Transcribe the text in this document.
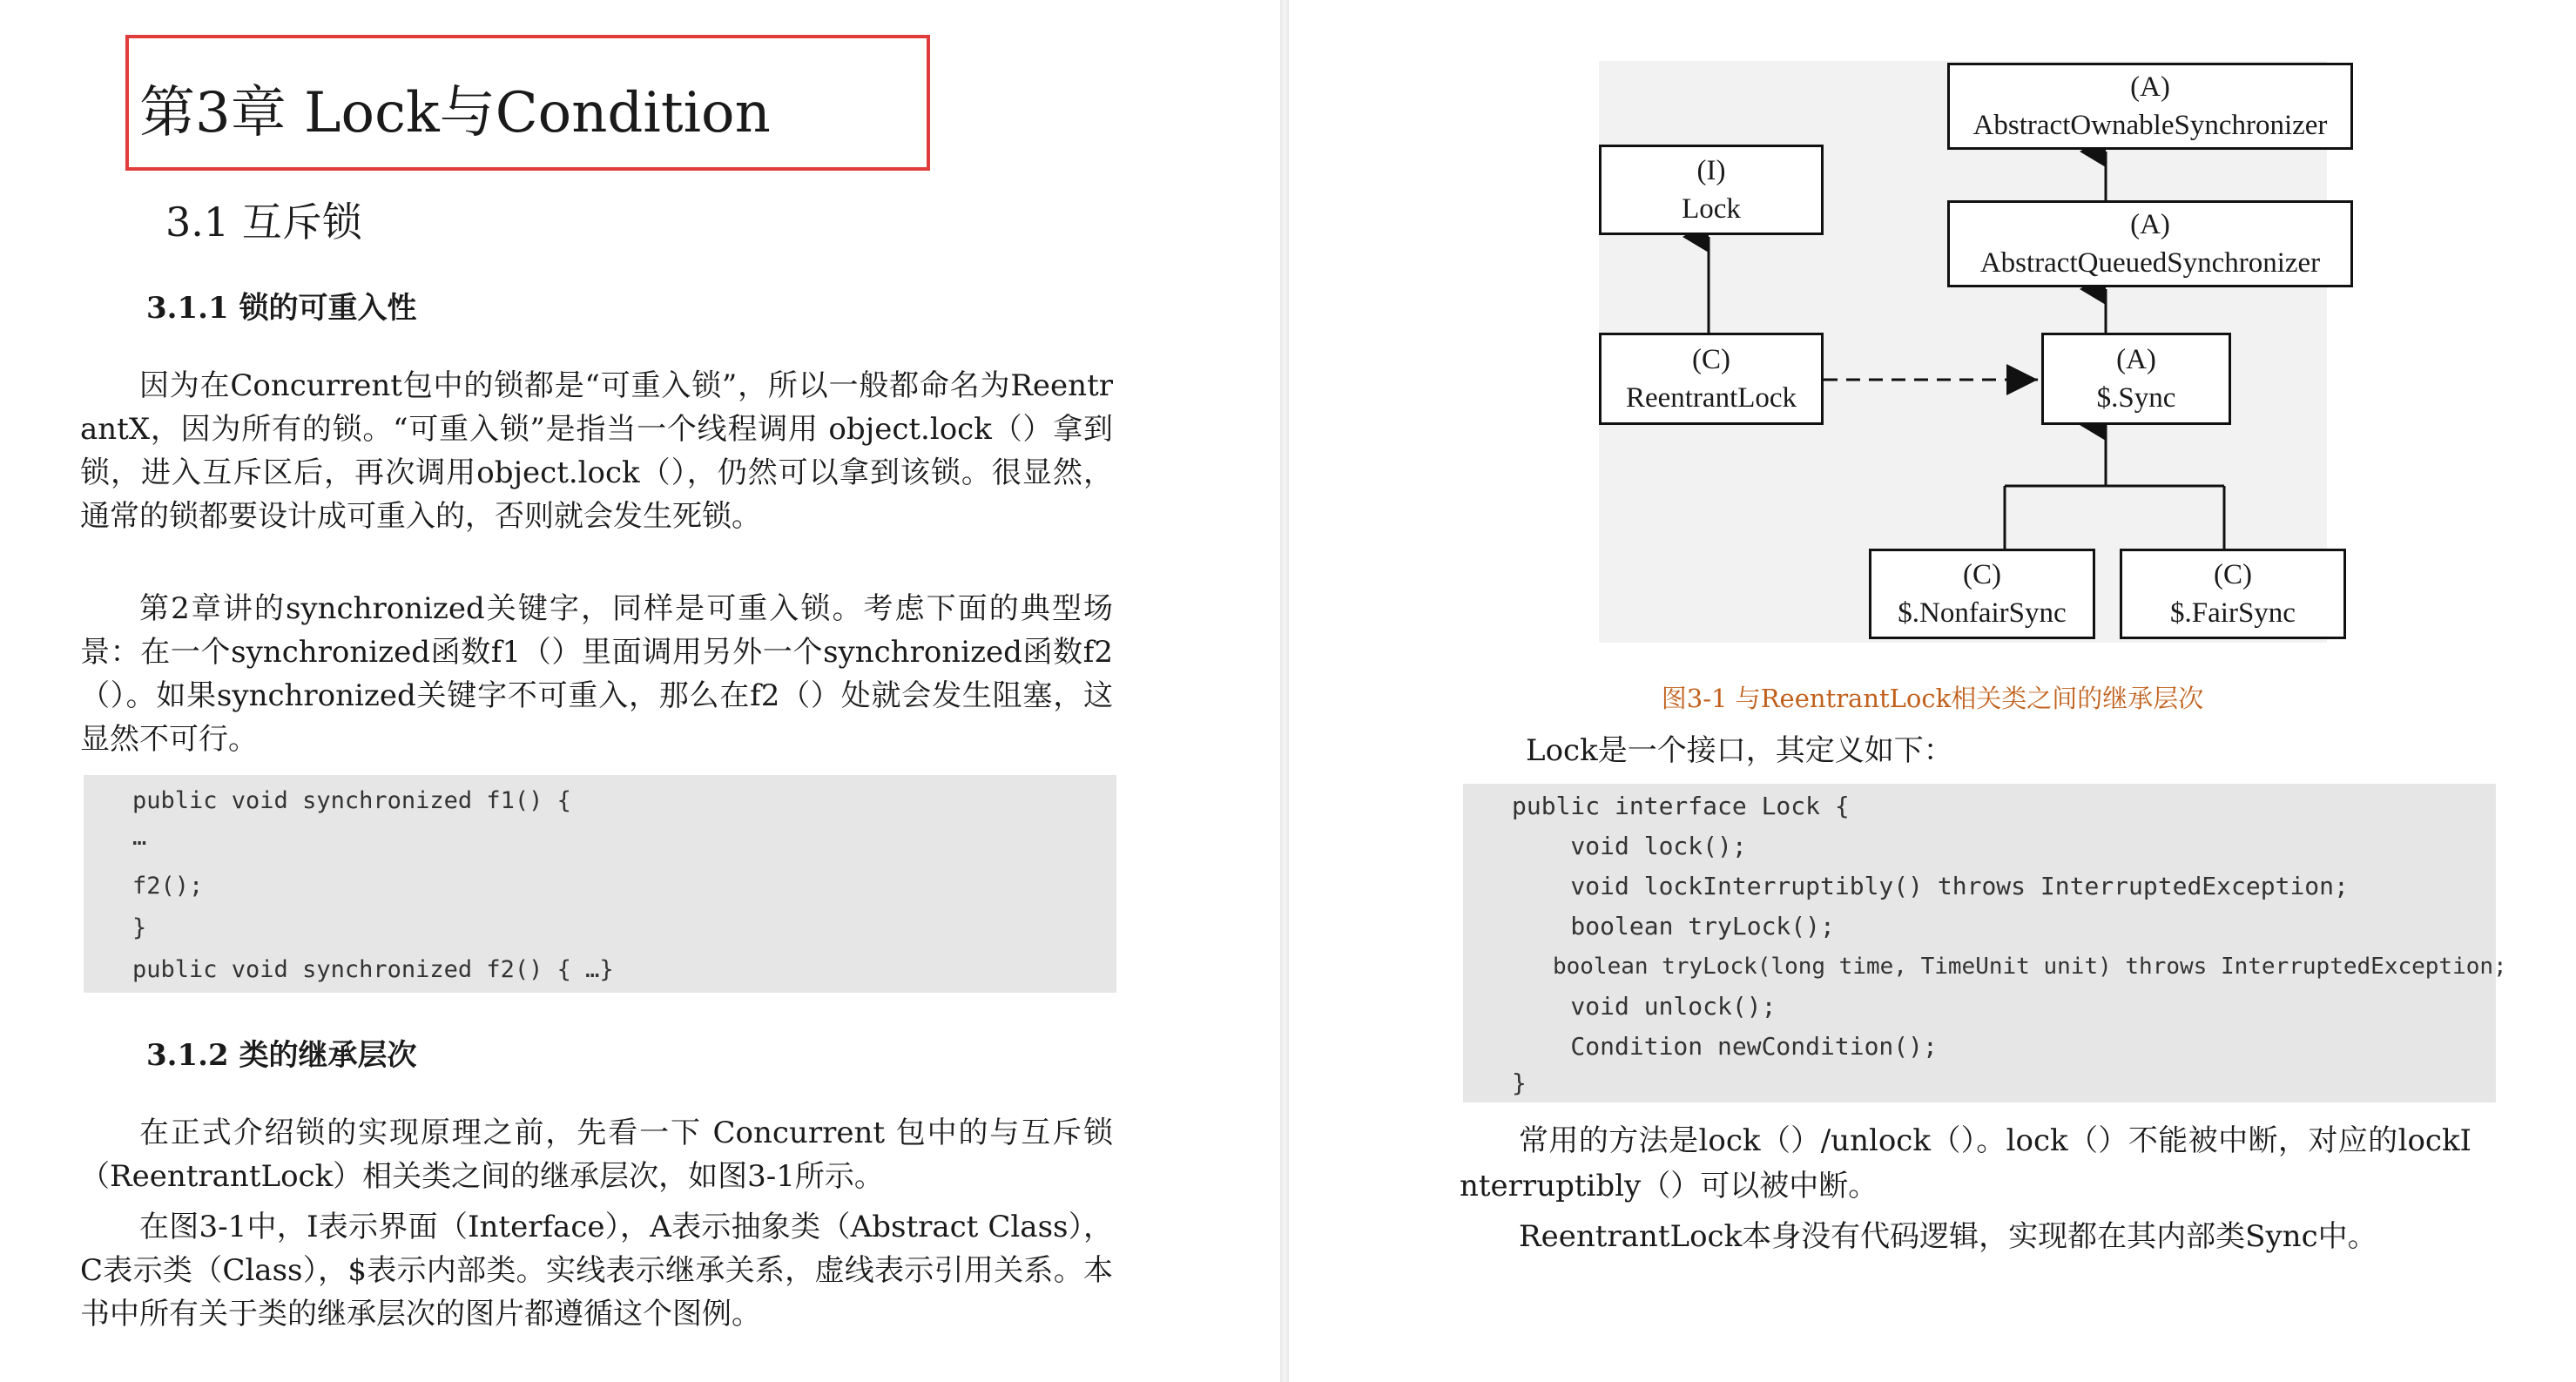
第3章 Lock与Condition
3.1 互斥锁
3.1.1 锁的可重入性
因为在Concurrent包中的锁都是“可重入锁”，所以一般都命名为ReentrantX，因为所有的锁。“可重入锁”是指当一个线程调用 object.lock（）拿到锁，进入互斥区后，再次调用object.lock（），仍然可以拿到该锁。很显然，通常的锁都要设计成可重入的，否则就会发生死锁。
第2章讲的synchronized关键字，同样是可重入锁。考虑下面的典型场景：在一个synchronized函数f1（）里面调用另外一个synchronized函数f2（）。如果synchronized关键字不可重入，那么在f2（）处就会发生阻塞，这显然不可行。
public void synchronized f1() {
…
f2();
}
public void synchronized f2() { …}
3.1.2 类的继承层次
在正式介绍锁的实现原理之前，先看一下 Concurrent 包中的与互斥锁（ReentrantLock）相关类之间的继承层次，如图3-1所示。
在图3-1中，I表示界面（Interface），A表示抽象类（Abstract Class），C表示类（Class），$表示内部类。实线表示继承关系，虚线表示引用关系。本书中所有关于类的继承层次的图片都遵循这个图例。
(A)
AbstractOwnableSynchronizer
(I)
Lock	(A)
AbstractQueuedSynchronizer
(C)
ReentrantLock
(A)
$.Sync
(C)
$.NonfairSync
(C)
$.FairSync
图3-1 与ReentrantLock相关类之间的继承层次
Lock是一个接口，其定义如下：
public interface Lock {
void lock();
void lockInterruptibly() throws InterruptedException;
boolean tryLock();
boolean tryLock(long time, TimeUnit unit) throws InterruptedException;
void unlock();
Condition newCondition();
}
常用的方法是lock（）/unlock（）。lock（）不能被中断，对应的lockInterruptibly（）可以被中断。
ReentrantLock本身没有代码逻辑，实现都在其内部类Sync中。
